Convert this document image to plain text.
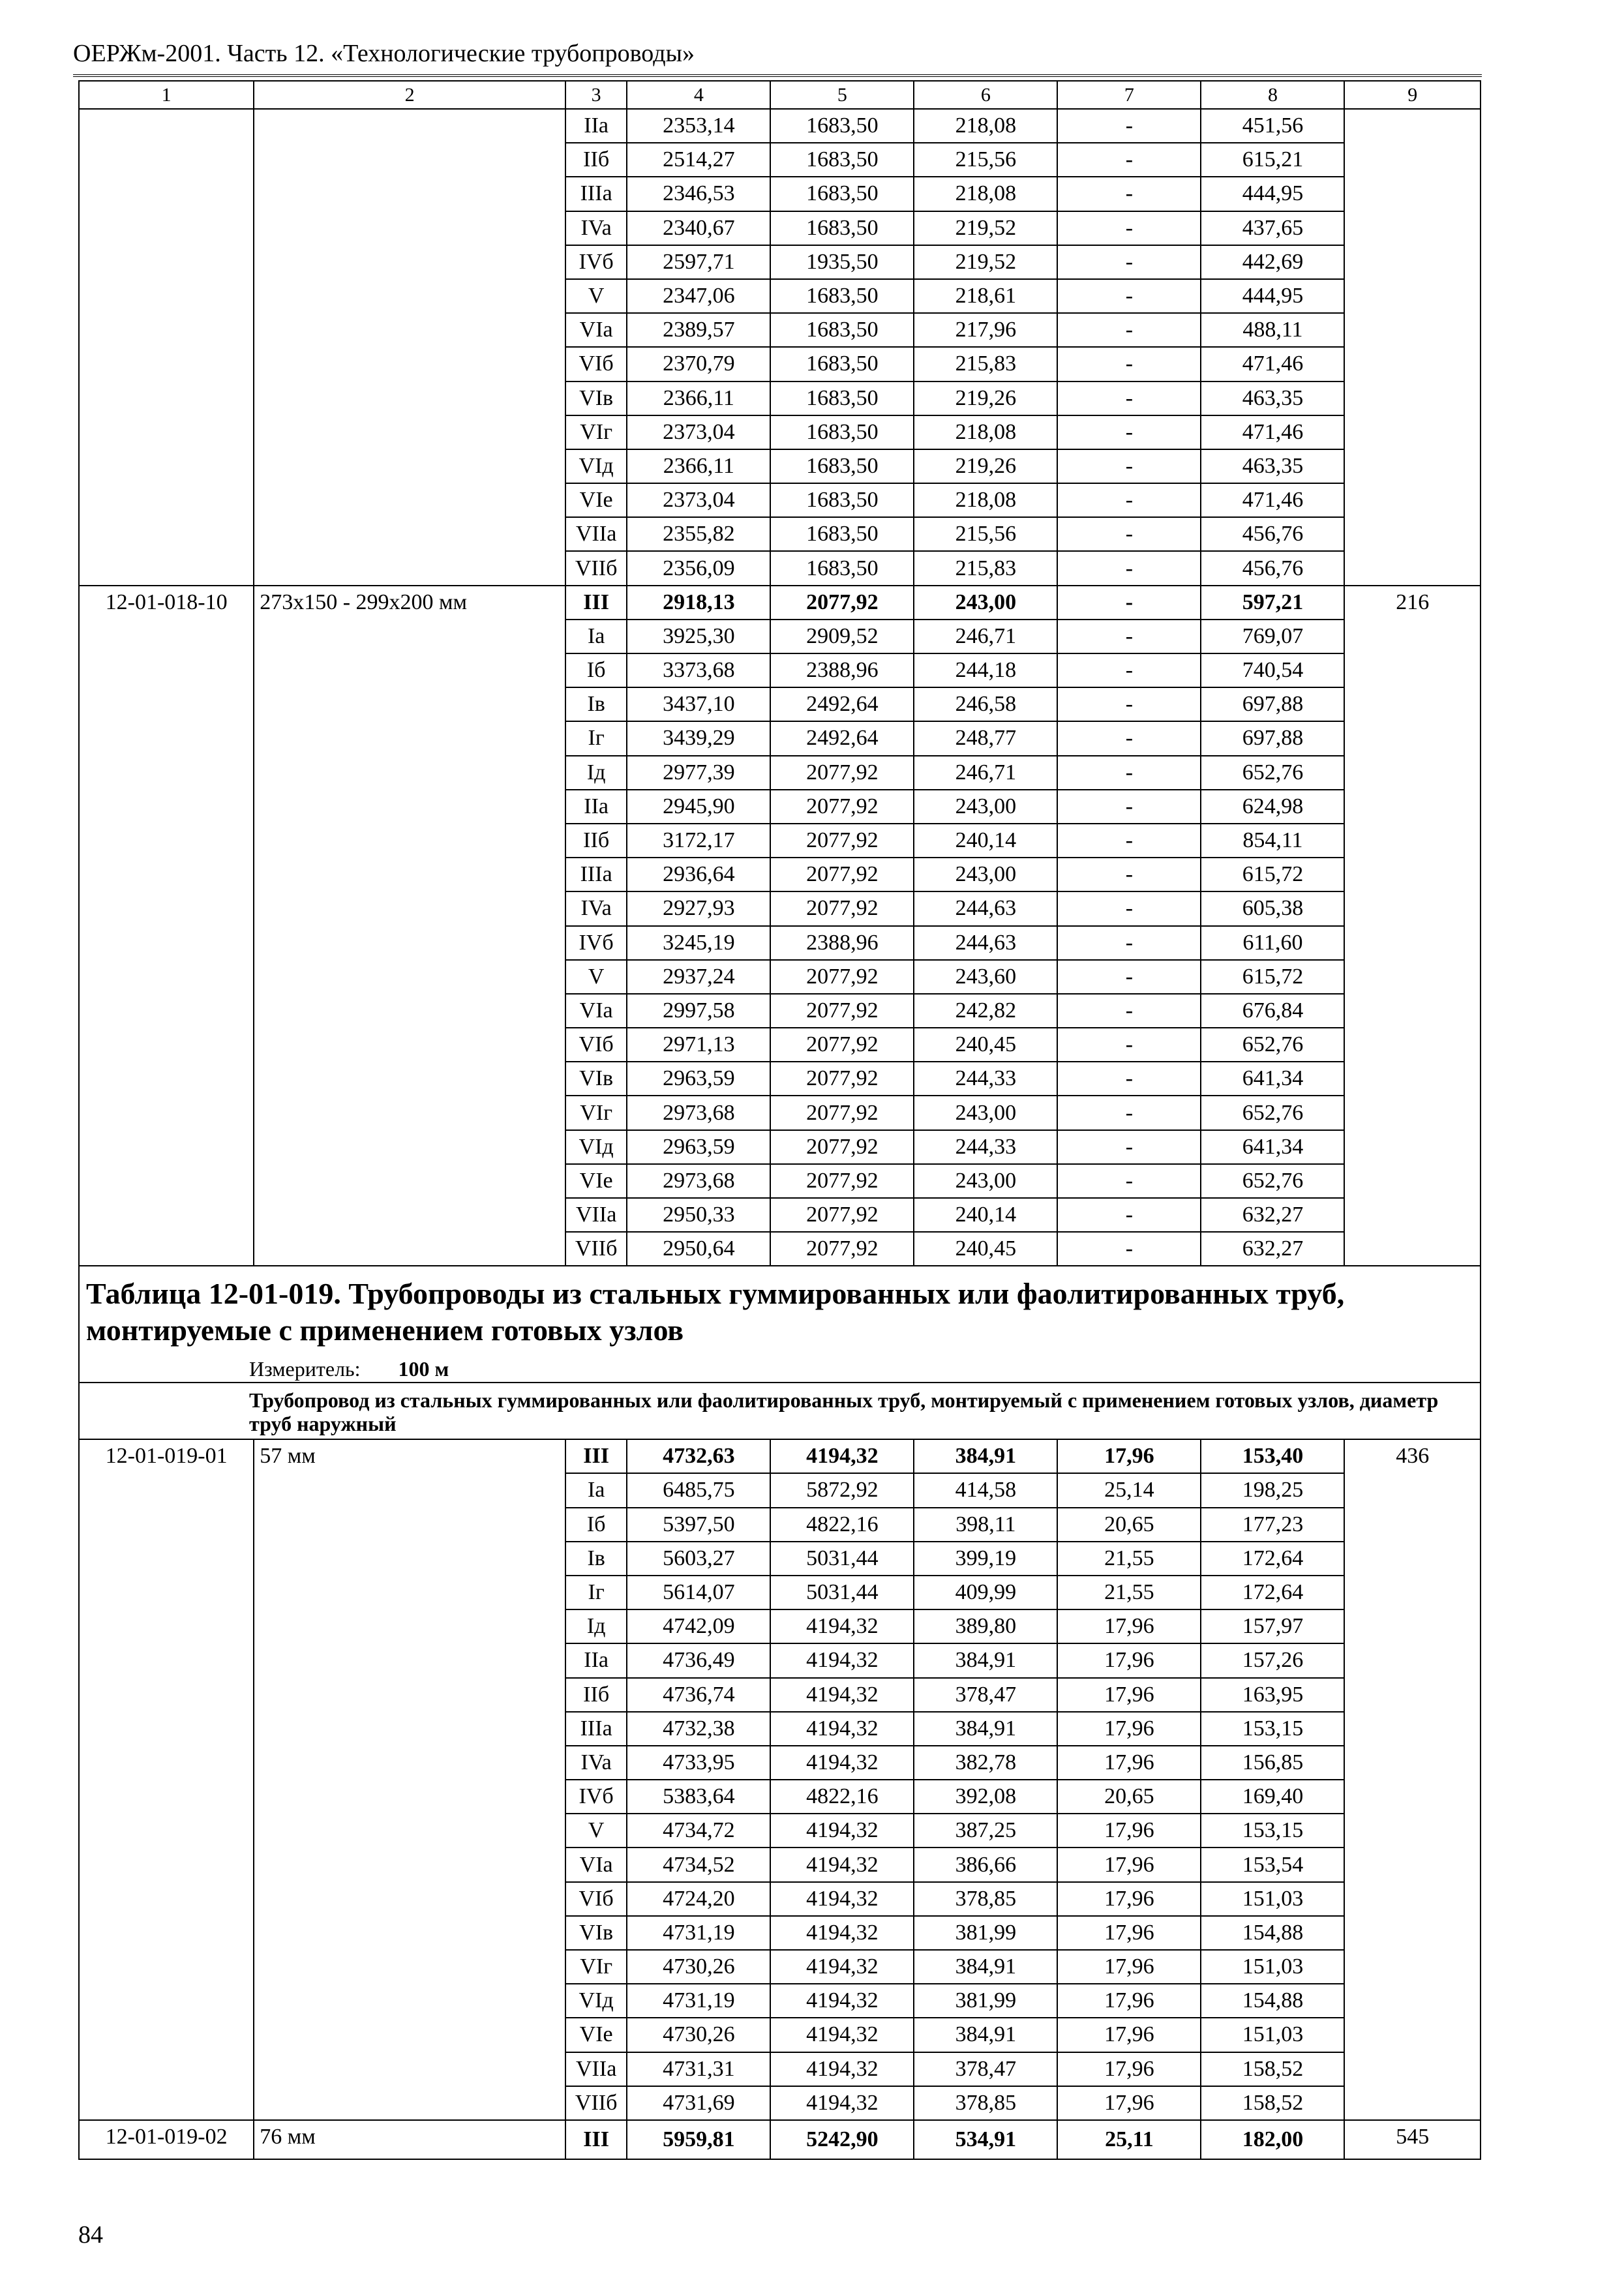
ОЕРЖм-2001. Часть 12. «Технологические трубопроводы»
1	2	3	4	5	6	7	8	9
		IIa	2353,14	1683,50	218,08	-	451,56	
		IIб	2514,27	1683,50	215,56	-	615,21	
		IIIa	2346,53	1683,50	218,08	-	444,95	
		IVa	2340,67	1683,50	219,52	-	437,65	
		IVб	2597,71	1935,50	219,52	-	442,69	
		V	2347,06	1683,50	218,61	-	444,95	
		VIa	2389,57	1683,50	217,96	-	488,11	
		VIб	2370,79	1683,50	215,83	-	471,46	
		VIв	2366,11	1683,50	219,26	-	463,35	
		VIг	2373,04	1683,50	218,08	-	471,46	
		VIд	2366,11	1683,50	219,26	-	463,35	
		VIe	2373,04	1683,50	218,08	-	471,46	
		VIIa	2355,82	1683,50	215,56	-	456,76	
		VIIб	2356,09	1683,50	215,83	-	456,76	
12-01-018-10	273х150 - 299х200 мм	III	2918,13	2077,92	243,00	-	597,21	216
		Ia	3925,30	2909,52	246,71	-	769,07	
		Iб	3373,68	2388,96	244,18	-	740,54	
		Iв	3437,10	2492,64	246,58	-	697,88	
		Iг	3439,29	2492,64	248,77	-	697,88	
		Iд	2977,39	2077,92	246,71	-	652,76	
		IIa	2945,90	2077,92	243,00	-	624,98	
		IIб	3172,17	2077,92	240,14	-	854,11	
		IIIa	2936,64	2077,92	243,00	-	615,72	
		IVa	2927,93	2077,92	244,63	-	605,38	
		IVб	3245,19	2388,96	244,63	-	611,60	
		V	2937,24	2077,92	243,60	-	615,72	
		VIa	2997,58	2077,92	242,82	-	676,84	
		VIб	2971,13	2077,92	240,45	-	652,76	
		VIв	2963,59	2077,92	244,33	-	641,34	
		VIг	2973,68	2077,92	243,00	-	652,76	
		VIд	2963,59	2077,92	244,33	-	641,34	
		VIe	2973,68	2077,92	243,00	-	652,76	
		VIIa	2950,33	2077,92	240,14	-	632,27	
		VIIб	2950,64	2077,92	240,45	-	632,27	
Таблица 12-01-019. Трубопроводы из стальных гуммированных или фаолитированных труб, монтируемые с применением готовых узлов								
Измеритель: 100 м								
Трубопровод из стальных гуммированных или фаолитированных труб, монтируемый с применением готовых узлов, диаметр труб наружный								
12-01-019-01	57 мм	III	4732,63	4194,32	384,91	17,96	153,40	436
		Ia	6485,75	5872,92	414,58	25,14	198,25	
		Iб	5397,50	4822,16	398,11	20,65	177,23	
		Iв	5603,27	5031,44	399,19	21,55	172,64	
		Iг	5614,07	5031,44	409,99	21,55	172,64	
		Iд	4742,09	4194,32	389,80	17,96	157,97	
		IIa	4736,49	4194,32	384,91	17,96	157,26	
		IIб	4736,74	4194,32	378,47	17,96	163,95	
		IIIa	4732,38	4194,32	384,91	17,96	153,15	
		IVa	4733,95	4194,32	382,78	17,96	156,85	
		IVб	5383,64	4822,16	392,08	20,65	169,40	
		V	4734,72	4194,32	387,25	17,96	153,15	
		VIa	4734,52	4194,32	386,66	17,96	153,54	
		VIб	4724,20	4194,32	378,85	17,96	151,03	
		VIв	4731,19	4194,32	381,99	17,96	154,88	
		VIг	4730,26	4194,32	384,91	17,96	151,03	
		VIд	4731,19	4194,32	381,99	17,96	154,88	
		VIe	4730,26	4194,32	384,91	17,96	151,03	
		VIIa	4731,31	4194,32	378,47	17,96	158,52	
		VIIб	4731,69	4194,32	378,85	17,96	158,52	
12-01-019-02	76 мм	III	5959,81	5242,90	534,91	25,11	182,00	545
84
